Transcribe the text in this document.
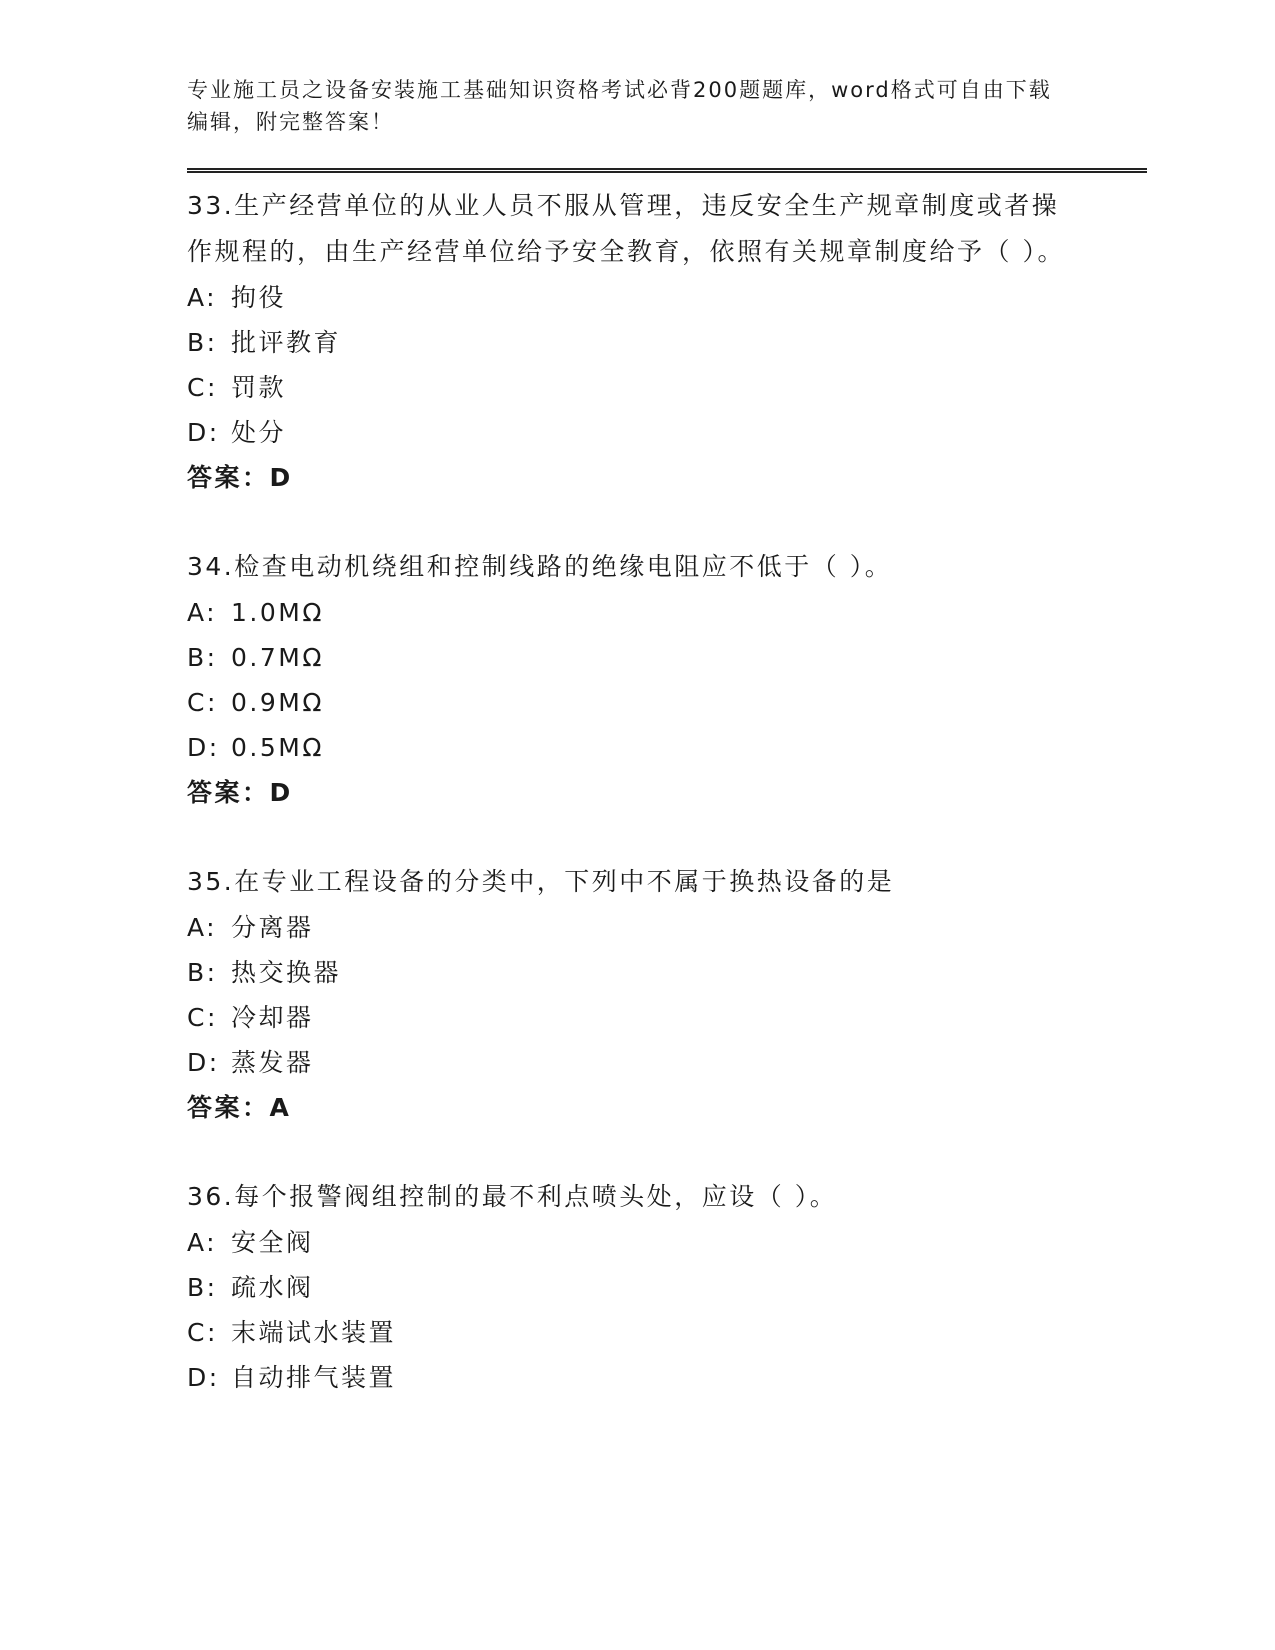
专业施工员之设备安装施工基础知识资格考试必背200题题库，word格式可自由下载编辑，附完整答案！

33.生产经营单位的从业人员不服从管理，违反安全生产规章制度或者操作规程的，由生产经营单位给予安全教育，依照有关规章制度给予（ ）。

A: 拘役
B: 批评教育
C: 罚款
D: 处分

答案：D

34.检查电动机绕组和控制线路的绝缘电阻应不低于（ ）。

A: 1.0MΩ
B: 0.7MΩ
C: 0.9MΩ
D: 0.5MΩ

答案：D

35.在专业工程设备的分类中，下列中不属于换热设备的是

A: 分离器
B: 热交换器
C: 冷却器
D: 蒸发器

答案：A

36.每个报警阀组控制的最不利点喷头处，应设（ ）。

A: 安全阀
B: 疏水阀
C: 末端试水装置
D: 自动排气装置
